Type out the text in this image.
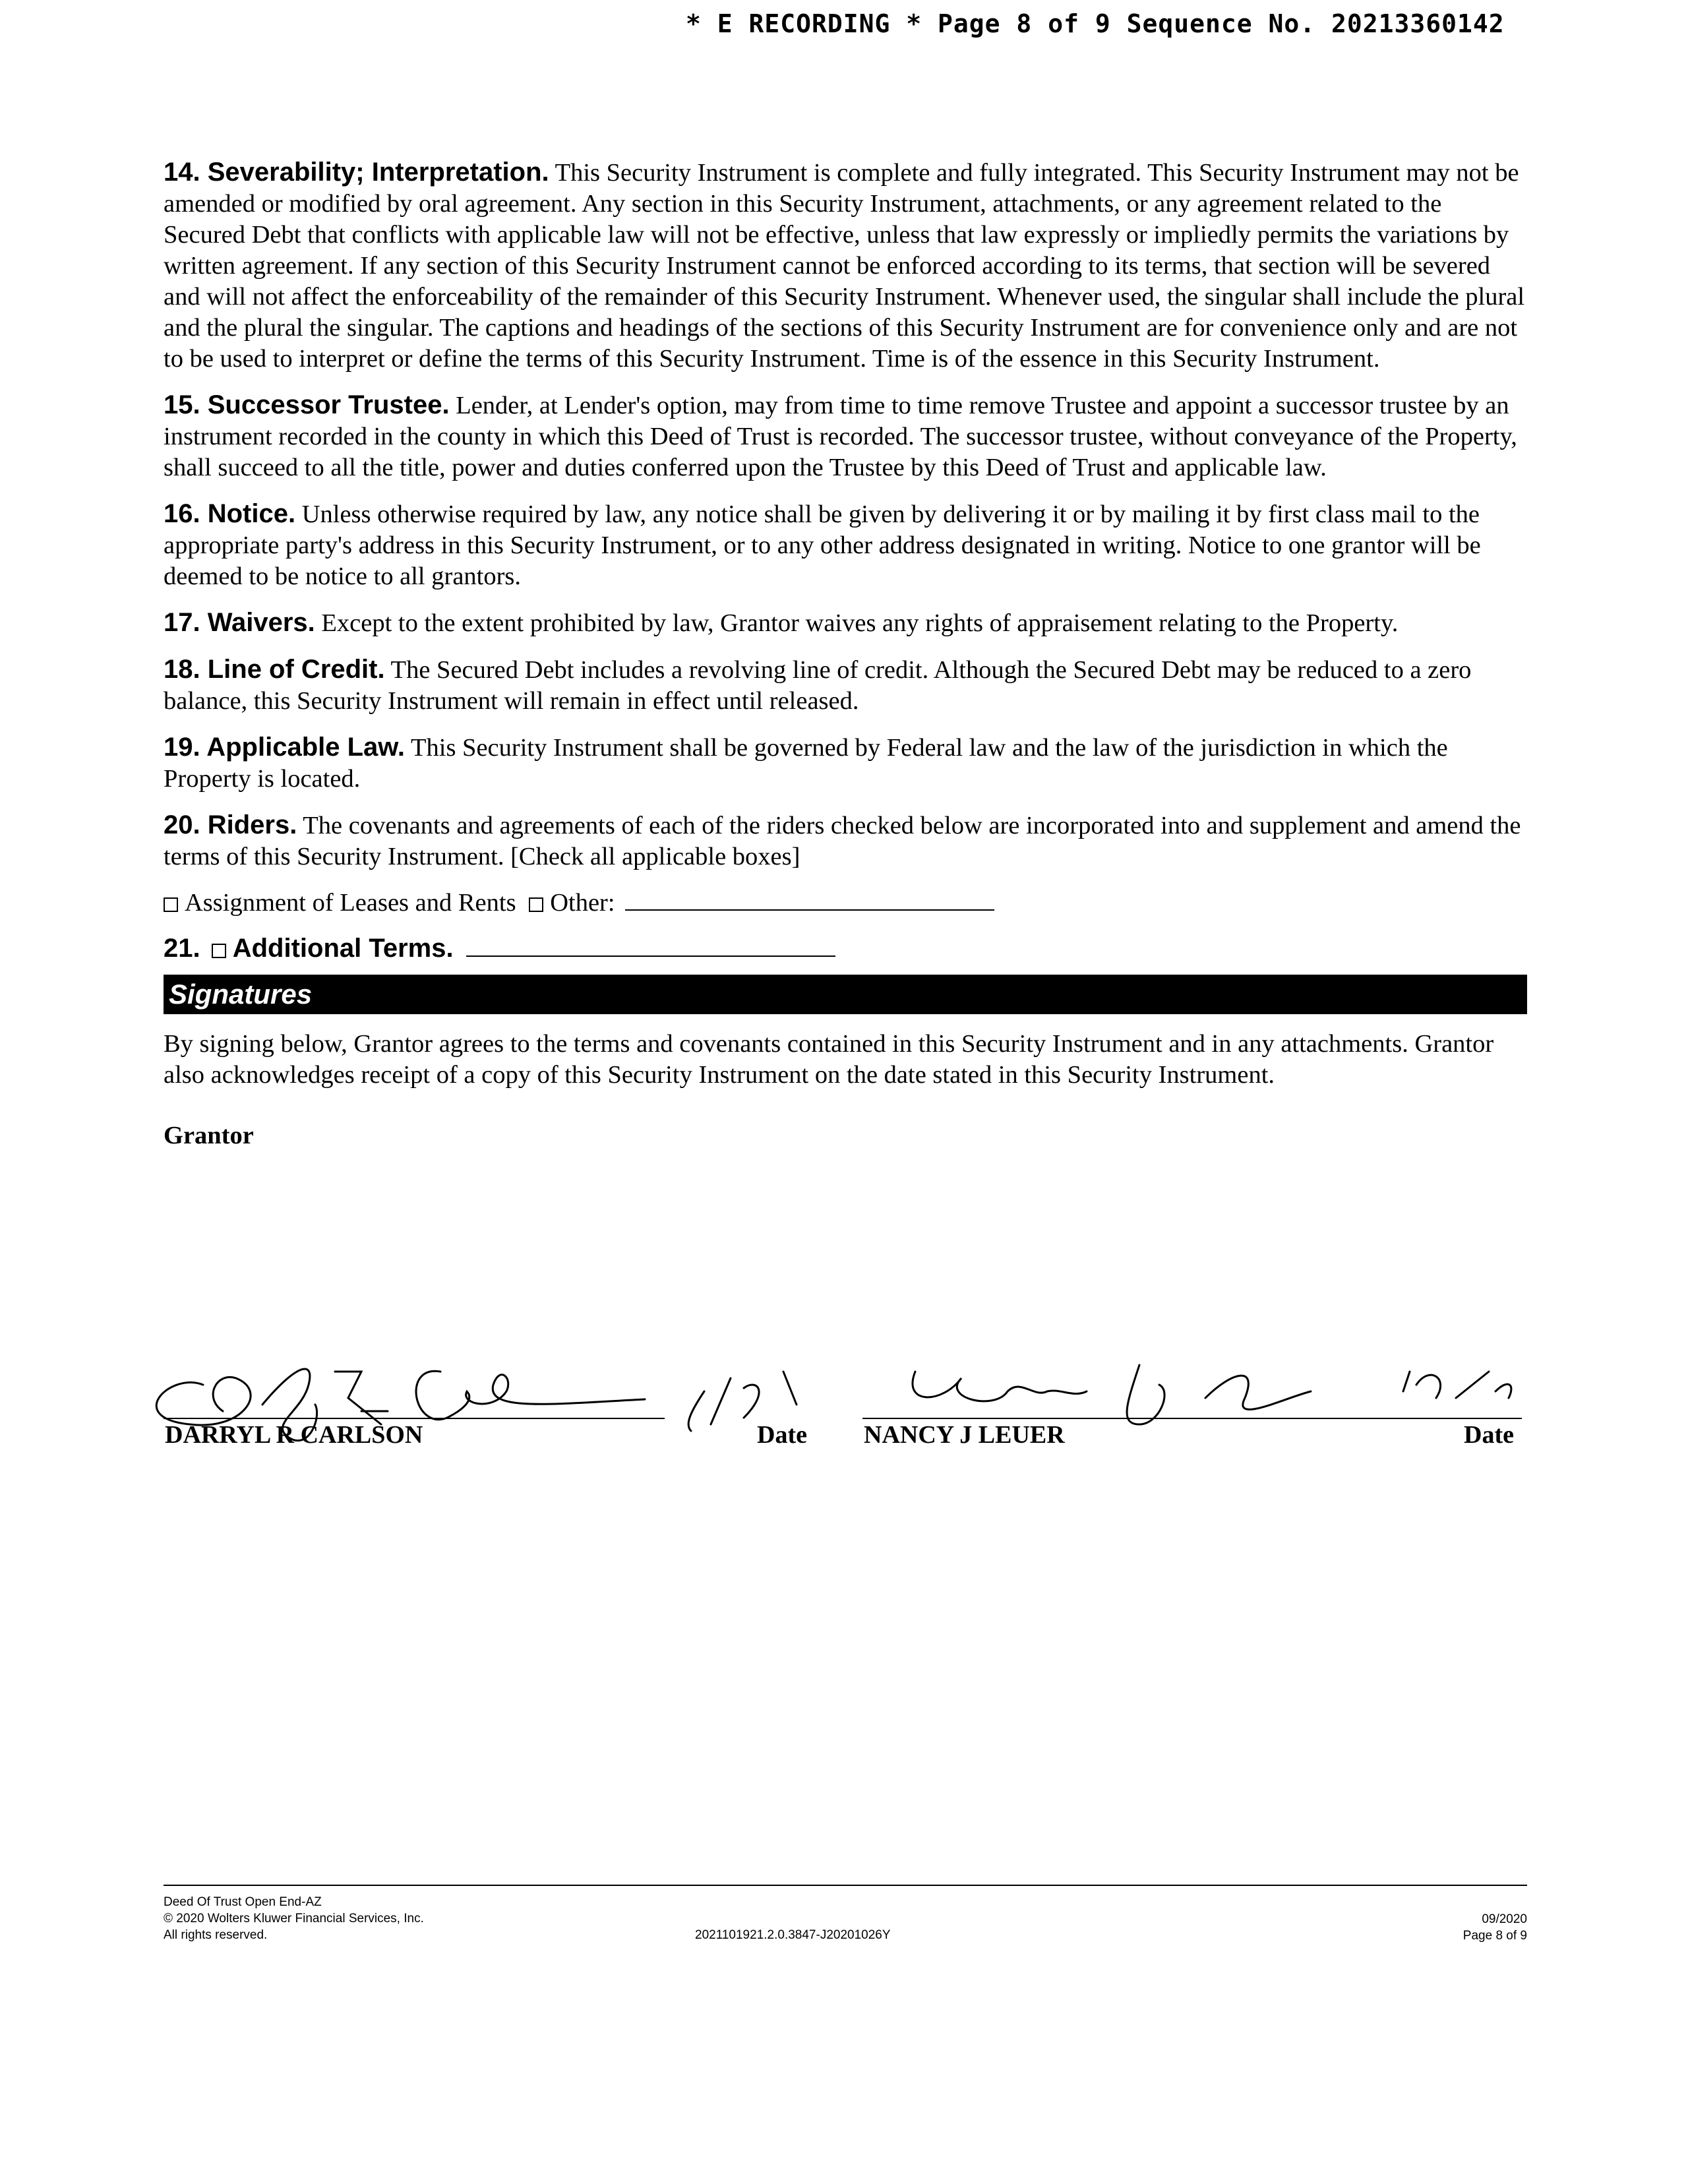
* E RECORDING * Page 8 of 9 Sequence No. 20213360142

14. Severability; Interpretation. This Security Instrument is complete and fully integrated. This Security Instrument may not be amended or modified by oral agreement. Any section in this Security Instrument, attachments, or any agreement related to the Secured Debt that conflicts with applicable law will not be effective, unless that law expressly or impliedly permits the variations by written agreement. If any section of this Security Instrument cannot be enforced according to its terms, that section will be severed and will not affect the enforceability of the remainder of this Security Instrument. Whenever used, the singular shall include the plural and the plural the singular. The captions and headings of the sections of this Security Instrument are for convenience only and are not to be used to interpret or define the terms of this Security Instrument. Time is of the essence in this Security Instrument.

15. Successor Trustee. Lender, at Lender's option, may from time to time remove Trustee and appoint a successor trustee by an instrument recorded in the county in which this Deed of Trust is recorded. The successor trustee, without conveyance of the Property, shall succeed to all the title, power and duties conferred upon the Trustee by this Deed of Trust and applicable law.

16. Notice. Unless otherwise required by law, any notice shall be given by delivering it or by mailing it by first class mail to the appropriate party's address in this Security Instrument, or to any other address designated in writing. Notice to one grantor will be deemed to be notice to all grantors.

17. Waivers. Except to the extent prohibited by law, Grantor waives any rights of appraisement relating to the Property.

18. Line of Credit. The Secured Debt includes a revolving line of credit. Although the Secured Debt may be reduced to a zero balance, this Security Instrument will remain in effect until released.

19. Applicable Law. This Security Instrument shall be governed by Federal law and the law of the jurisdiction in which the Property is located.

20. Riders. The covenants and agreements of each of the riders checked below are incorporated into and supplement and amend the terms of this Security Instrument. [Check all applicable boxes]

Assignment of Leases and Rents Other:
21. Additional Terms.
Signatures

By signing below, Grantor agrees to the terms and covenants contained in this Security Instrument and in any attachments. Grantor also acknowledges receipt of a copy of this Security Instrument on the date stated in this Security Instrument.

Grantor
DARRYL R CARLSON	Date NANCY J LEUER	Date
Deed Of Trust Open End-AZ
© 2020 Wolters Kluwer Financial Services, Inc.
All rights reserved.	2021101921.2.0.3847-J20201026Y
09/2020
Page 8 of 9
